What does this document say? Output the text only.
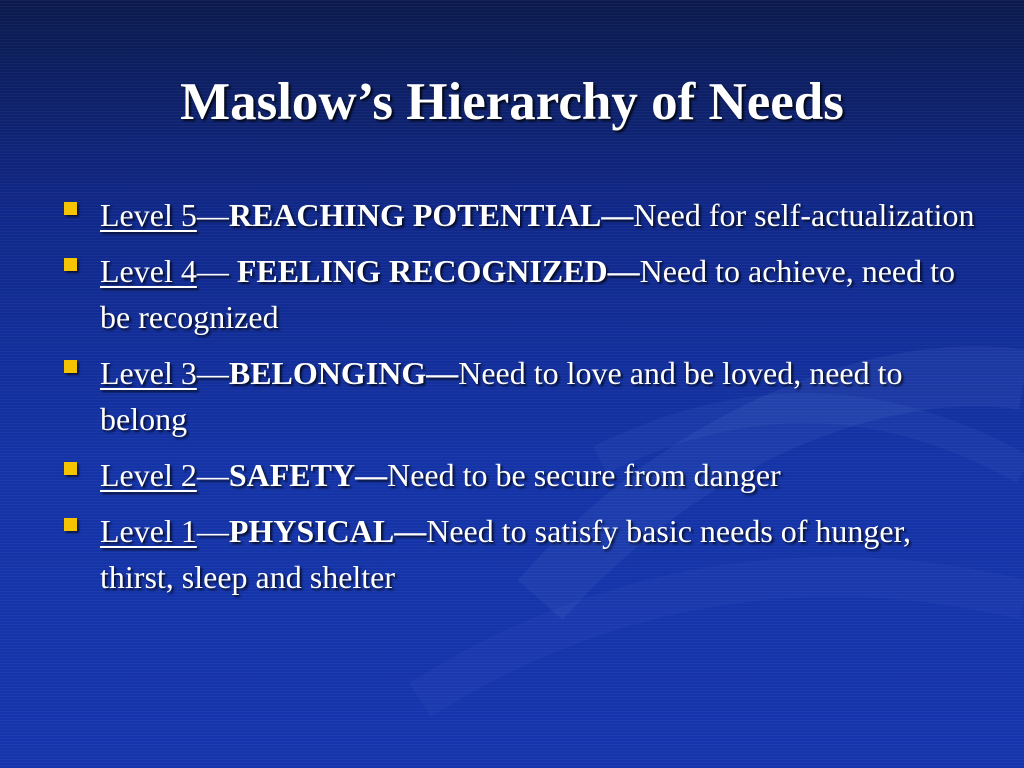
Maslow’s Hierarchy of Needs
Level 5—REACHING POTENTIAL—Need for self-actualization
Level 4— FEELING RECOGNIZED—Need to achieve, need to be recognized
Level 3—BELONGING—Need to love and be loved, need to belong
Level 2—SAFETY—Need to be secure from danger
Level 1—PHYSICAL—Need to satisfy basic needs of hunger, thirst, sleep and shelter
